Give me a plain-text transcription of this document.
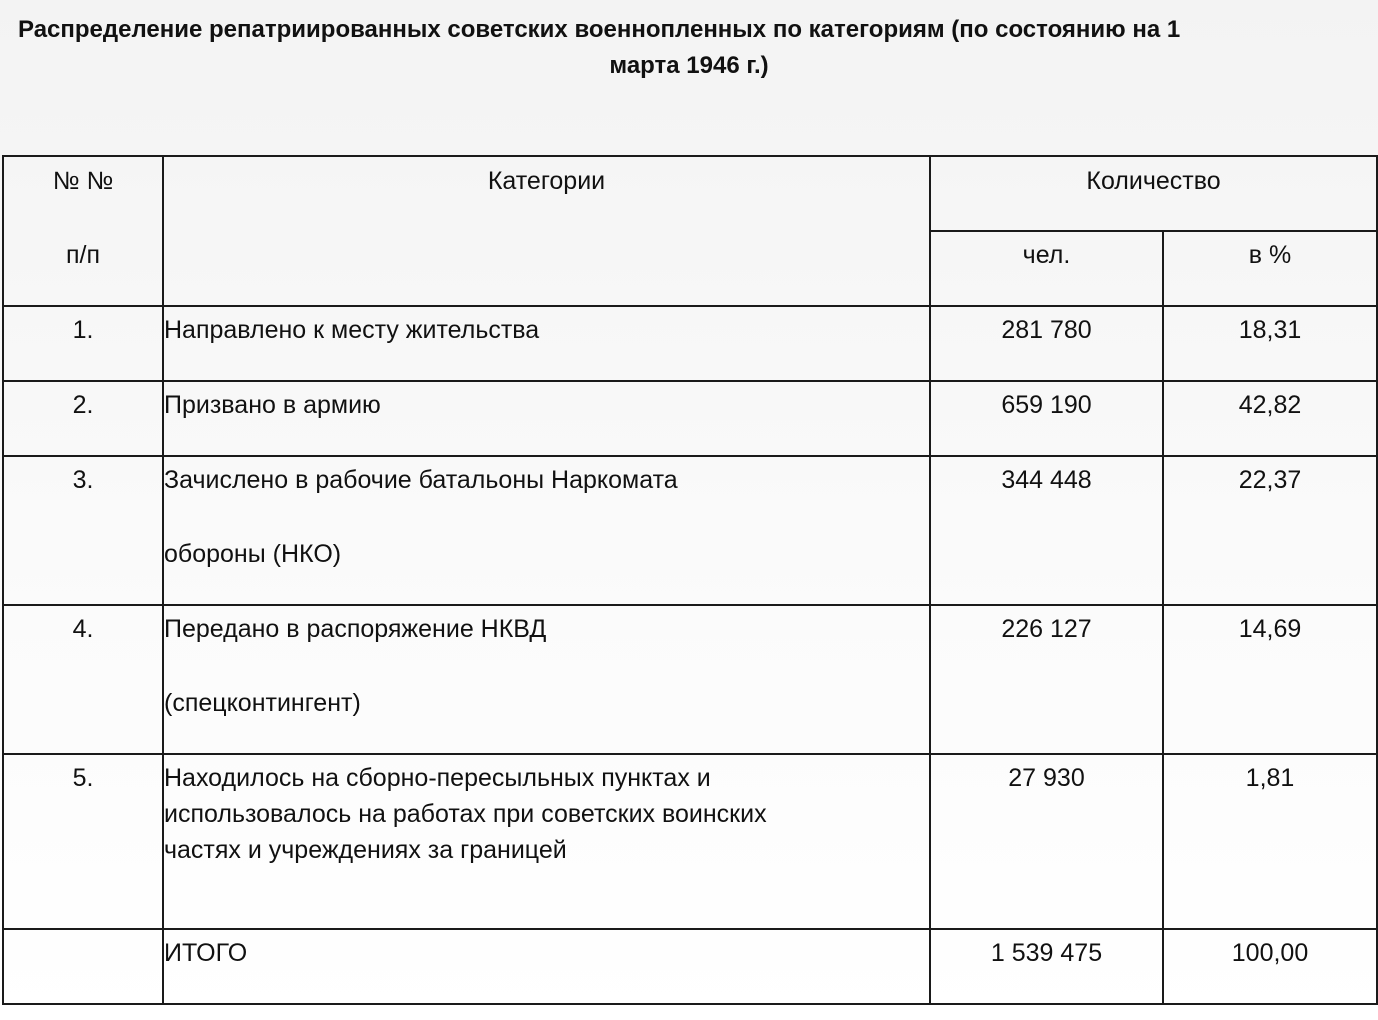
Распределение репатриированных советских военнопленных по категориям (по состоянию на 1
марта 1946 г.)
№ №
п/п	Категории	Количество	

		чел.	в %

1.	Направлено к месту жительства	281 780	18,31

2.	Призвано в армию	659 190	42,82

3.	Зачислено в рабочие батальоны Наркомата
обороны (НКО)	344 448	22,37

4.	Передано в распоряжение НКВД
(спецконтингент)	226 127	14,69

5.	Находилось на сборно-пересыльных пунктах и
использовалось на работах при советских воинских
частях и учреждениях за границей	27 930	1,81

	ИТОГО	1 539 475	100,00
